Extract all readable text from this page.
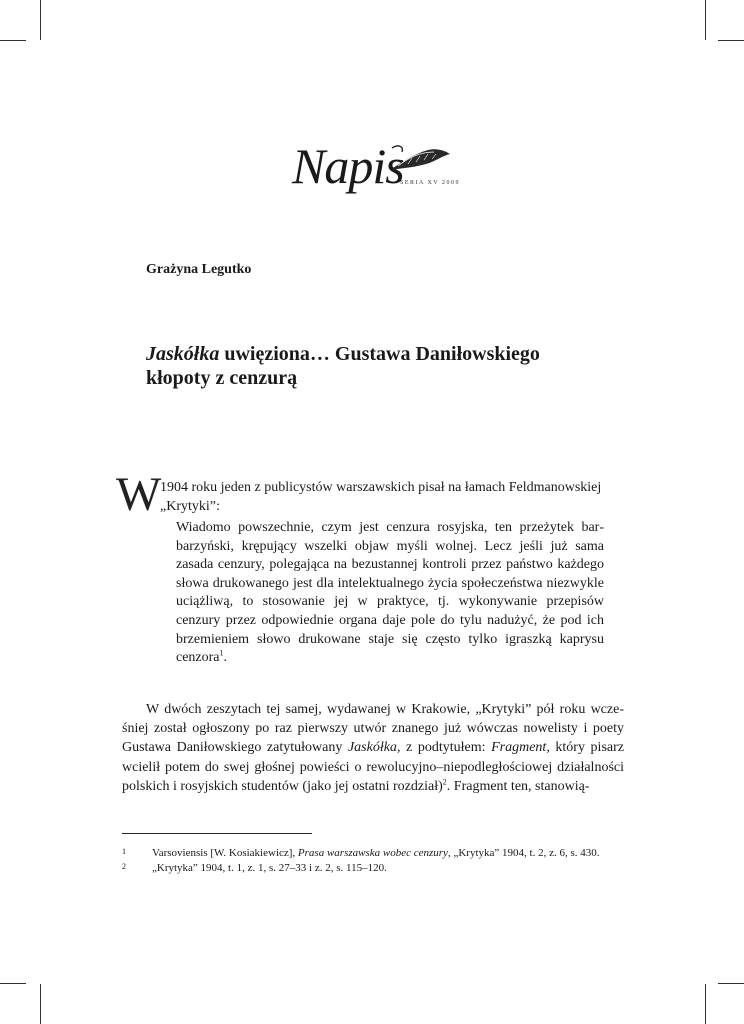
Napis
SERIA XV 2009
Grażyna Legutko
Jaskółka uwięziona… Gustawa Daniłowskiego
kłopoty z cenzurą
W
1904 roku jeden z publicystów warszawskich pisał na łamach Feldmanowskiej
„Krytyki”:
Wiadomo powszechnie, czym jest cenzura rosyjska, ten przeżytek barbarzyński, krępujący wszelki objaw myśli wolnej. Lecz jeśli już sama zasada cenzury, polegająca na bezustannej kontroli przez państwo każdego słowa drukowanego jest dla intelektualnego życia społeczeństwa niezwykle uciążliwą, to stosowanie jej w praktyce, tj. wykonywanie przepisów cenzury przez odpowiednie organa daje pole do tylu nadużyć, że pod ich brzemieniem słowo drukowane staje się często tylko igraszką kaprysu cenzora$^1$.
W dwóch zeszytach tej samej, wydawanej w Krakowie, „Krytyki” pół roku wcześniej został ogłoszony po raz pierwszy utwór znanego już wówczas nowelisty i poety Gustawa Daniłowskiego zatytułowany Jaskółka, z podtytułem: Fragment, który pisarz wcielił potem do swej głośnej powieści o rewolucyjno–niepodległościowej działalności polskich i rosyjskich studentów (jako jej ostatni rozdział)$^2$. Fragment ten, stanowią-
1 Varsoviensis [W. Kosiakiewicz], Prasa warszawska wobec cenzury, „Krytyka” 1904, t. 2, z. 6, s. 430.
2 „Krytyka” 1904, t. 1, z. 1, s. 27–33 i z. 2, s. 115–120.
